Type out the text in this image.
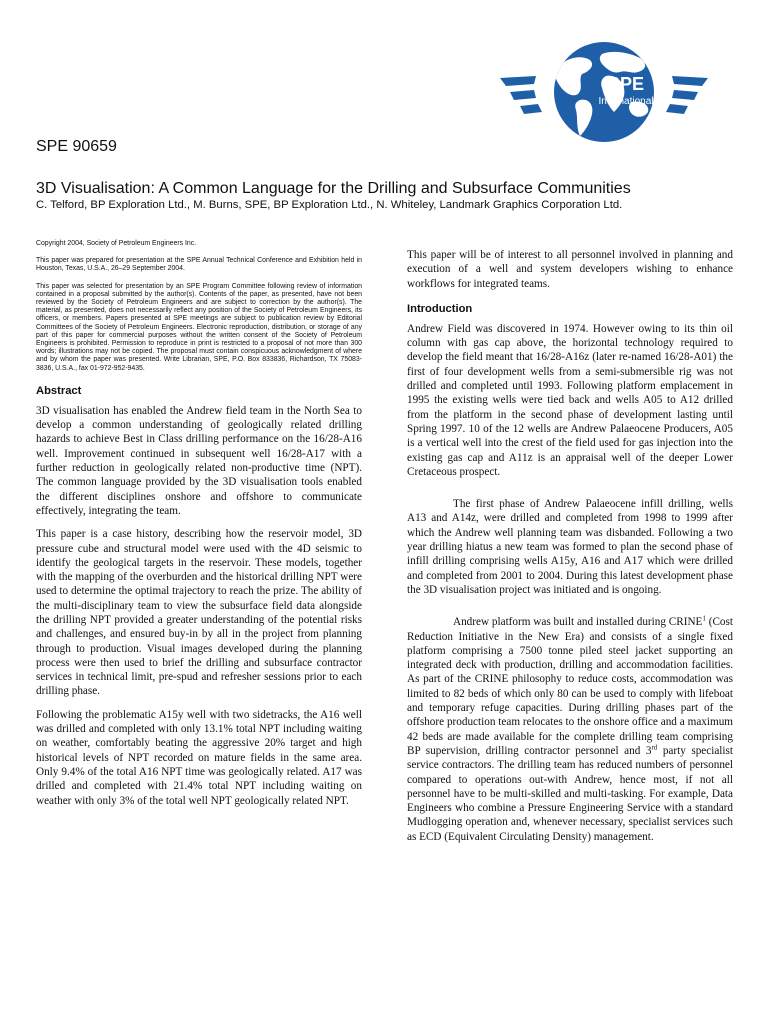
SPE
International
SPE 90659
3D Visualisation: A Common Language for the Drilling and Subsurface Communities
C. Telford, BP Exploration Ltd., M. Burns, SPE, BP Exploration Ltd., N. Whiteley, Landmark Graphics Corporation Ltd.

Copyright 2004, Society of Petroleum Engineers Inc.

This paper was prepared for presentation at the SPE Annual Technical Conference and Exhibition held in Houston, Texas, U.S.A., 26–29 September 2004.

This paper was selected for presentation by an SPE Program Committee following review of information contained in a proposal submitted by the author(s). Contents of the paper, as presented, have not been reviewed by the Society of Petroleum Engineers and are subject to correction by the author(s). The material, as presented, does not necessarily reflect any position of the Society of Petroleum Engineers, its officers, or members. Papers presented at SPE meetings are subject to publication review by Editorial Committees of the Society of Petroleum Engineers. Electronic reproduction, distribution, or storage of any part of this paper for commercial purposes without the written consent of the Society of Petroleum Engineers is prohibited. Permission to reproduce in print is restricted to a proposal of not more than 300 words; illustrations may not be copied. The proposal must contain conspicuous acknowledgment of where and by whom the paper was presented. Write Librarian, SPE, P.O. Box 833836, Richardson, TX 75083-3836, U.S.A., fax 01-972-952-9435.

Abstract

3D visualisation has enabled the Andrew field team in the North Sea to develop a common understanding of geologically related drilling hazards to achieve Best in Class drilling performance on the 16/28-A16 well. Improvement continued in subsequent well 16/28-A17 with a further reduction in geologically related non-productive time (NPT). The common language provided by the 3D visualisation tools enabled the different disciplines onshore and offshore to communicate effectively, integrating the team.

This paper is a case history, describing how the reservoir model, 3D pressure cube and structural model were used with the 4D seismic to identify the geological targets in the reservoir. These models, together with the mapping of the overburden and the historical drilling NPT were used to determine the optimal trajectory to reach the prize. The ability of the multi-disciplinary team to view the subsurface field data alongside the drilling NPT provided a greater understanding of the potential risks and challenges, and ensured buy-in by all in the project from planning through to production. Visual images developed during the planning process were then used to brief the drilling and subsurface contractor services in technical limit, pre-spud and refresher sessions prior to each drilling phase.

Following the problematic A15y well with two sidetracks, the A16 well was drilled and completed with only 13.1% total NPT including waiting on weather, comfortably beating the aggressive 20% target and high historical levels of NPT recorded on mature fields in the same area. Only 9.4% of the total A16 NPT time was geologically related. A17 was drilled and completed with 21.4% total NPT including waiting on weather with only 3% of the total well NPT geologically related NPT.

This paper will be of interest to all personnel involved in planning and execution of a well and system developers wishing to enhance workflows for integrated teams.

Introduction

Andrew Field was discovered in 1974. However owing to its thin oil column with gas cap above, the horizontal technology required to develop the field meant that 16/28-A16z (later re-named 16/28-A01) the first of four development wells from a semi-submersible rig was not drilled and completed until 1993. Following platform emplacement in 1995 the existing wells were tied back and wells A05 to A12 drilled from the platform in the second phase of development lasting until Spring 1997. 10 of the 12 wells are Andrew Palaeocene Producers, A05 is a vertical well into the crest of the field used for gas injection into the existing gas cap and A11z is an appraisal well of the deeper Lower Cretaceous prospect.

The first phase of Andrew Palaeocene infill drilling, wells A13 and A14z, were drilled and completed from 1998 to 1999 after which the Andrew well planning team was disbanded. Following a two year drilling hiatus a new team was formed to plan the second phase of infill drilling comprising wells A15y, A16 and A17 which were drilled and completed from 2001 to 2004. During this latest development phase the 3D visualisation project was initiated and is ongoing.

Andrew platform was built and installed during CRINE$^1$ (Cost Reduction Initiative in the New Era) and consists of a single fixed platform comprising a 7500 tonne piled steel jacket supporting an integrated deck with production, drilling and accommodation facilities. As part of the CRINE philosophy to reduce costs, accommodation was limited to 82 beds of which only 80 can be used to comply with lifeboat and temporary refuge capacities. During drilling phases part of the offshore production team relocates to the onshore office and a maximum 42 beds are made available for the complete drilling team comprising BP supervision, drilling contractor personnel and 3rd party specialist service contractors. The drilling team has reduced numbers of personnel compared to operations out-with Andrew, hence most, if not all personnel have to be multi-skilled and multi-tasking. For example, Data Engineers who combine a Pressure Engineering Service with a standard Mudlogging operation and, whenever necessary, specialist services such as ECD (Equivalent Circulating Density) management.
